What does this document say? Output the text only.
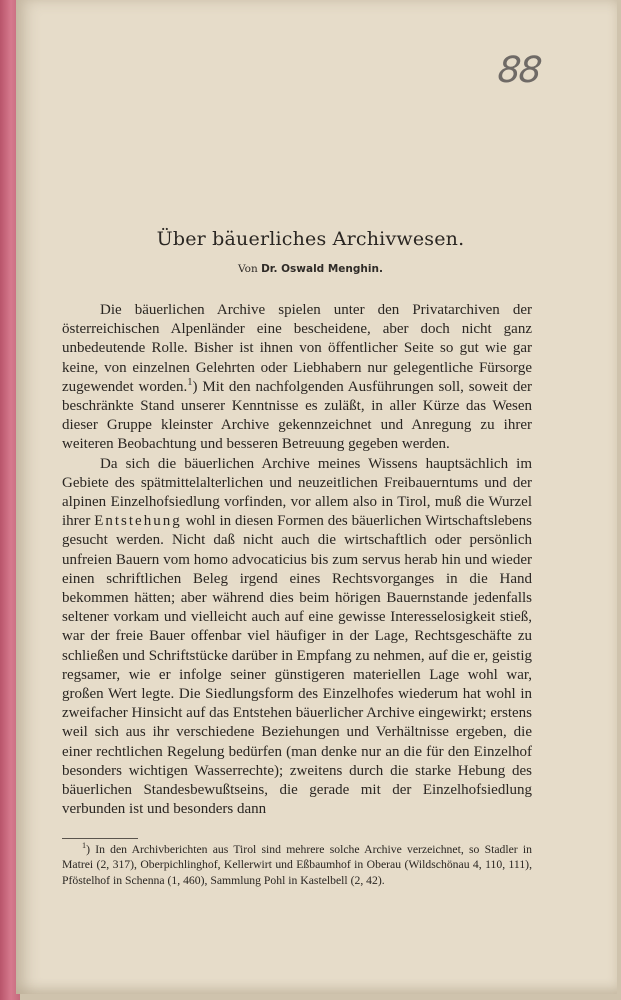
88
Über bäuerliches Archivwesen.
Von Dr. Oswald Menghin.

Die bäuerlichen Archive spielen unter den Privatarchiven der österreichischen Alpenländer eine bescheidene, aber doch nicht ganz unbedeutende Rolle. Bisher ist ihnen von öffentlicher Seite so gut wie gar keine, von einzelnen Gelehrten oder Liebhabern nur gelegentliche Fürsorge zugewendet worden.$^1$) Mit den nachfolgenden Ausführungen soll, soweit der beschränkte Stand unserer Kenntnisse es zuläßt, in aller Kürze das Wesen dieser Gruppe kleinster Archive gekennzeichnet und Anregung zu ihrer weiteren Beobachtung und besseren Betreuung gegeben werden.

Da sich die bäuerlichen Archive meines Wissens hauptsächlich im Gebiete des spätmittelalterlichen und neuzeitlichen Freibauerntums und der alpinen Einzelhofsiedlung vorfinden, vor allem also in Tirol, muß die Wurzel ihrer Entstehung wohl in diesen Formen des bäuerlichen Wirtschaftslebens gesucht werden. Nicht daß nicht auch die wirtschaftlich oder persönlich unfreien Bauern vom homo advocaticius bis zum servus herab hin und wieder einen schriftlichen Beleg irgend eines Rechtsvorganges in die Hand bekommen hätten; aber während dies beim hörigen Bauernstande jedenfalls seltener vorkam und vielleicht auch auf eine gewisse Interesselosigkeit stieß, war der freie Bauer offenbar viel häufiger in der Lage, Rechtsgeschäfte zu schließen und Schriftstücke darüber in Empfang zu nehmen, auf die er, geistig regsamer, wie er infolge seiner günstigeren materiellen Lage wohl war, großen Wert legte. Die Siedlungsform des Einzelhofes wiederum hat wohl in zweifacher Hinsicht auf das Entstehen bäuerlicher Archive eingewirkt; erstens weil sich aus ihr verschiedene Beziehungen und Verhältnisse ergeben, die einer rechtlichen Regelung bedürfen (man denke nur an die für den Einzelhof besonders wichtigen Wasserrechte); zweitens durch die starke Hebung des bäuerlichen Standesbewußtseins, die gerade mit der Einzelhofsiedlung verbunden ist und besonders dann

$^1$) In den Archivberichten aus Tirol sind mehrere solche Archive verzeichnet, so Stadler in Matrei (2, 317), Oberpichlinghof, Kellerwirt und Eßbaumhof in Oberau (Wildschönau 4, 110, 111), Pföstelhof in Schenna (1, 460), Sammlung Pohl in Kastelbell (2, 42).
